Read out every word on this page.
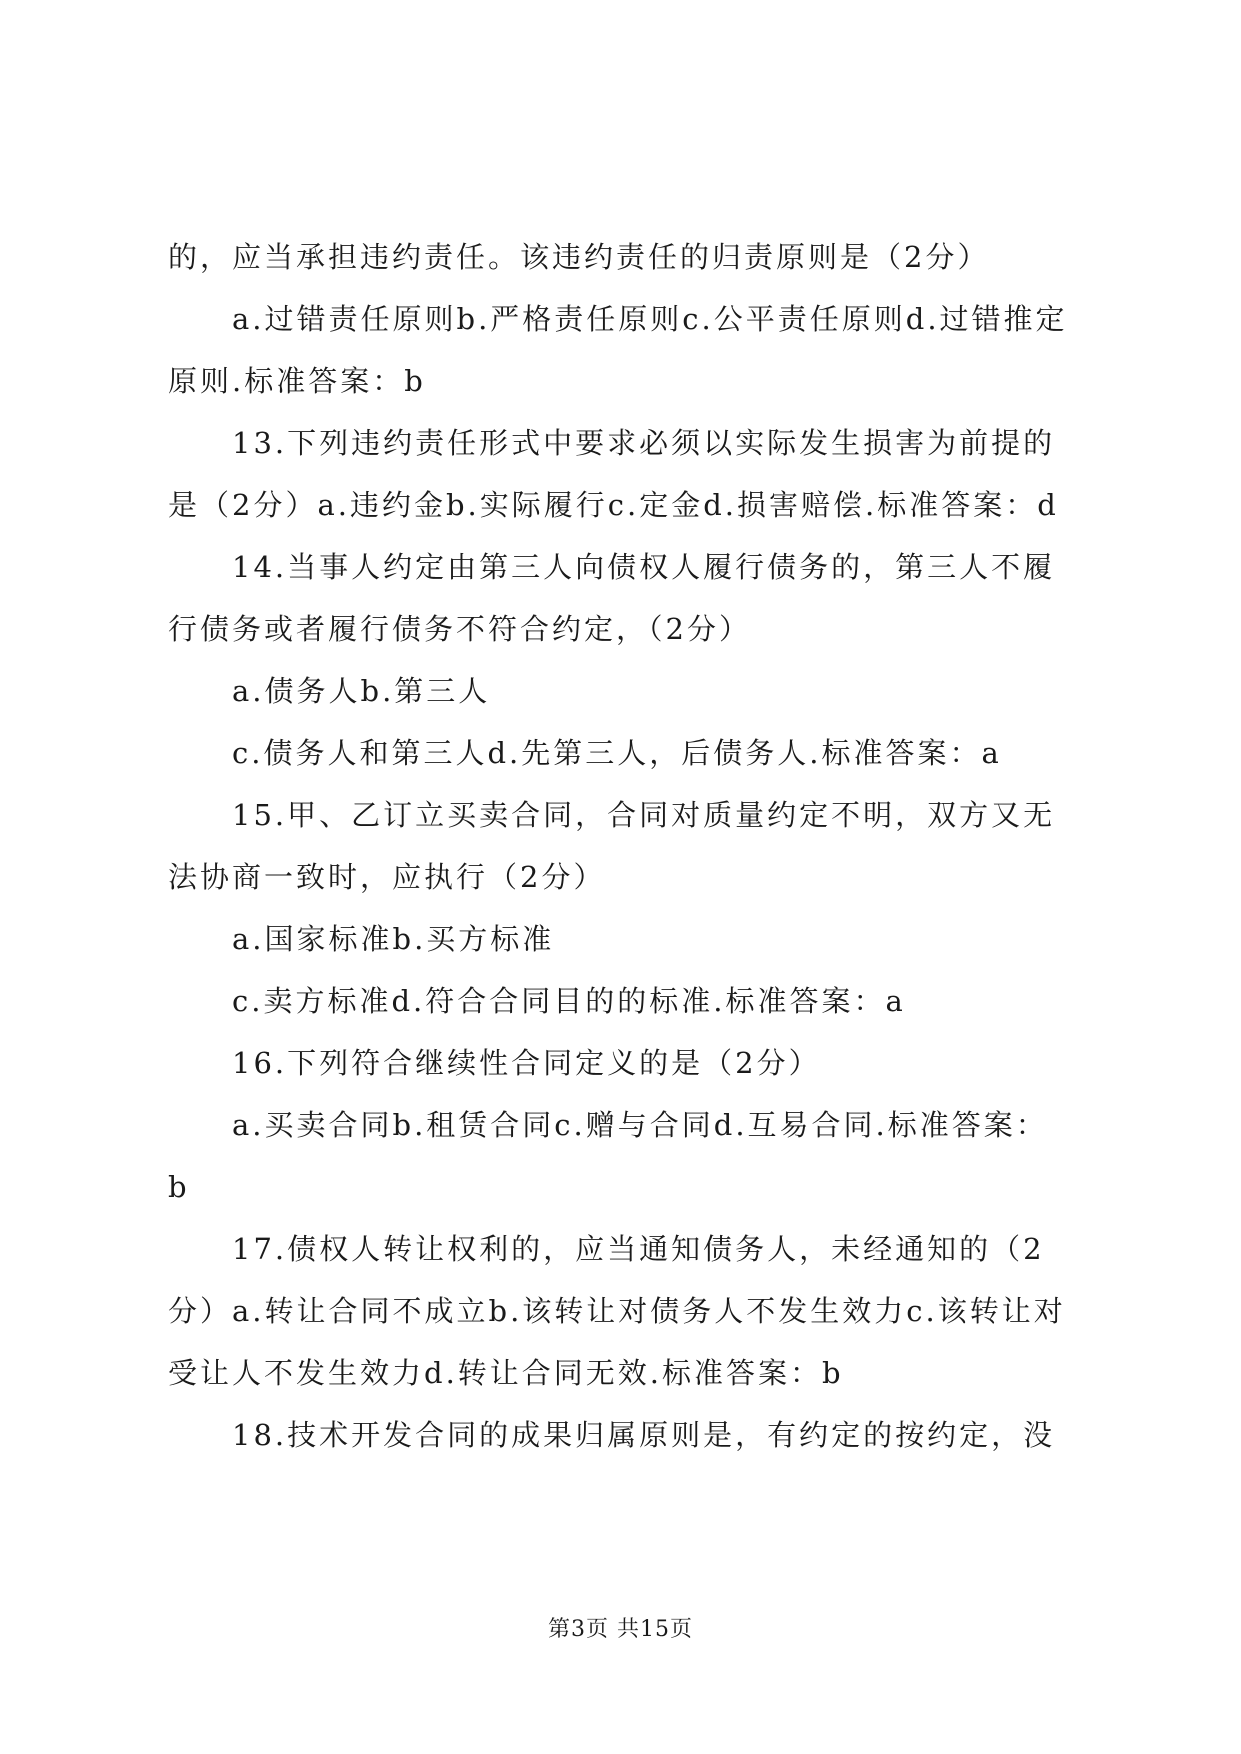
的，应当承担违约责任。该违约责任的归责原则是（2分）

a.过错责任原则b.严格责任原则c.公平责任原则d.过错推定原则.标准答案：b

13.下列违约责任形式中要求必须以实际发生损害为前提的是（2分）a.违约金b.实际履行c.定金d.损害赔偿.标准答案：d

14.当事人约定由第三人向债权人履行债务的，第三人不履行债务或者履行债务不符合约定，（2分）

a.债务人b.第三人

c.债务人和第三人d.先第三人，后债务人.标准答案：a

15.甲、乙订立买卖合同，合同对质量约定不明，双方又无法协商一致时，应执行（2分）

a.国家标准b.买方标准

c.卖方标准d.符合合同目的的标准.标准答案：a

16.下列符合继续性合同定义的是（2分）

a.买卖合同b.租赁合同c.赠与合同d.互易合同.标准答案：b

17.债权人转让权利的，应当通知债务人，未经通知的（2分）a.转让合同不成立b.该转让对债务人不发生效力c.该转让对受让人不发生效力d.转让合同无效.标准答案：b

18.技术开发合同的成果归属原则是，有约定的按约定，没

第3页 共15页
